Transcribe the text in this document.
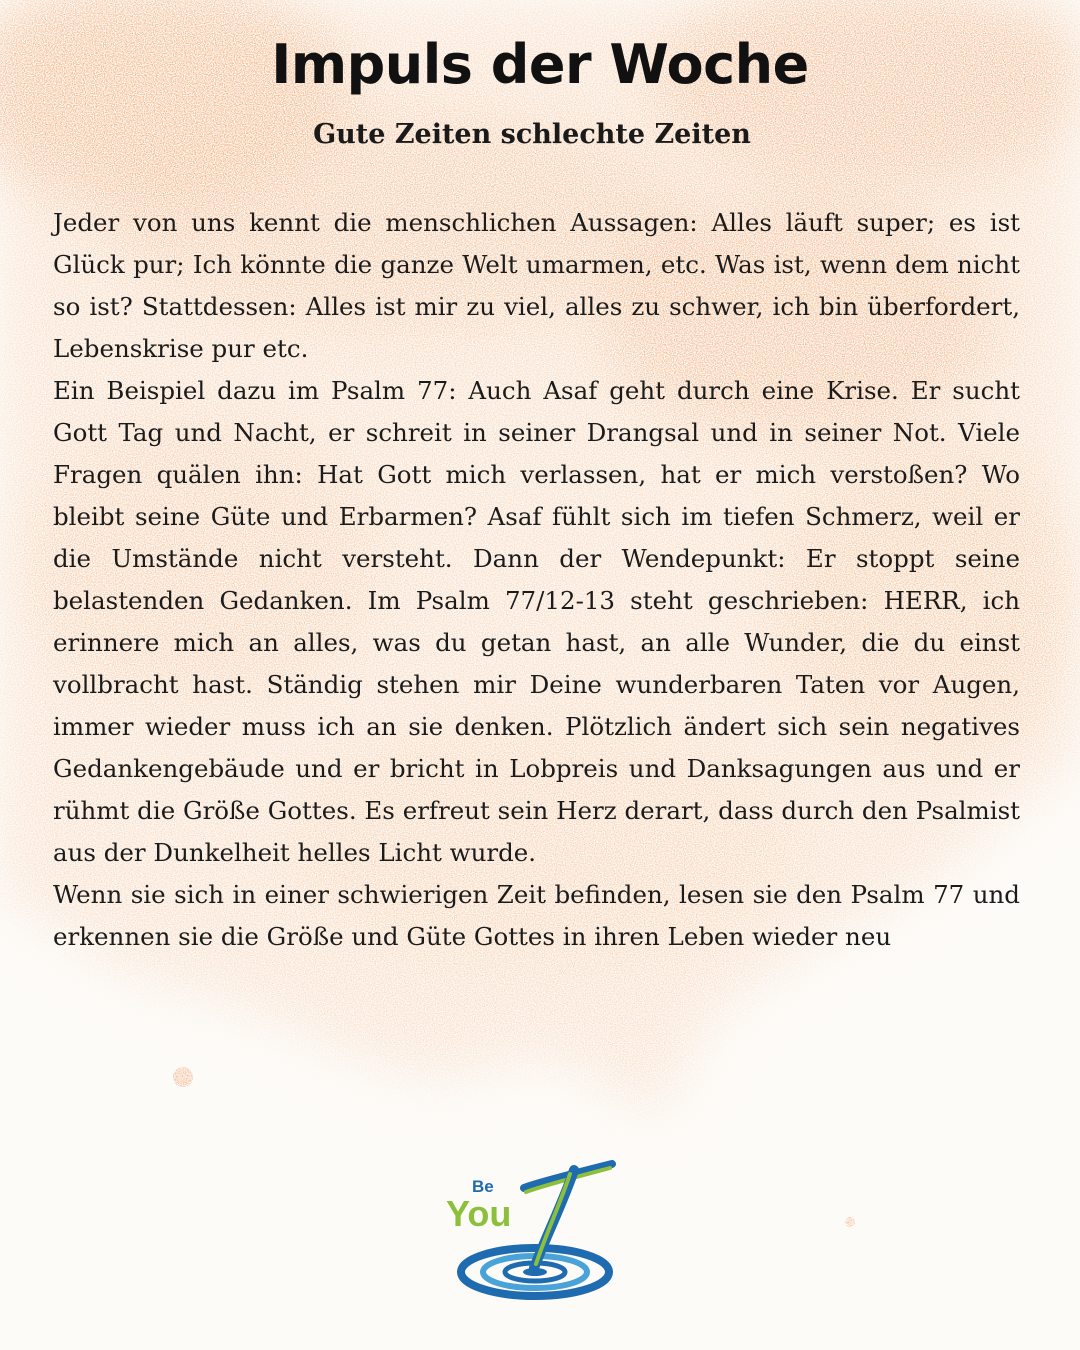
Impuls der Woche
Gute Zeiten schlechte Zeiten

Jeder von uns kennt die menschlichen Aussagen: Alles läuft super; es ist Glück pur; Ich könnte die ganze Welt umarmen, etc. Was ist, wenn dem nicht so ist? Stattdessen: Alles ist mir zu viel, alles zu schwer, ich bin überfordert, Lebenskrise pur etc.

Ein Beispiel dazu im Psalm 77: Auch Asaf geht durch eine Krise. Er sucht Gott Tag und Nacht, er schreit in seiner Drangsal und in seiner Not. Viele Fragen quälen ihn: Hat Gott mich verlassen, hat er mich verstoßen? Wo bleibt seine Güte und Erbarmen? Asaf fühlt sich im tiefen Schmerz, weil er die Umstände nicht versteht. Dann der Wendepunkt: Er stoppt seine belastenden Gedanken. Im Psalm 77/12-13 steht geschrieben: HERR, ich erinnere mich an alles, was du getan hast, an alle Wunder, die du einst vollbracht hast. Ständig stehen mir Deine wunderbaren Taten vor Augen, immer wieder muss ich an sie denken. Plötzlich ändert sich sein negatives Gedankengebäude und er bricht in Lobpreis und Danksagungen aus und er rühmt die Größe Gottes. Es erfreut sein Herz derart, dass durch den Psalmist aus der Dunkelheit helles Licht wurde.

Wenn sie sich in einer schwierigen Zeit befinden, lesen sie den Psalm 77 und erkennen sie die Größe und Güte Gottes in ihren Leben wieder neu

Be
You
